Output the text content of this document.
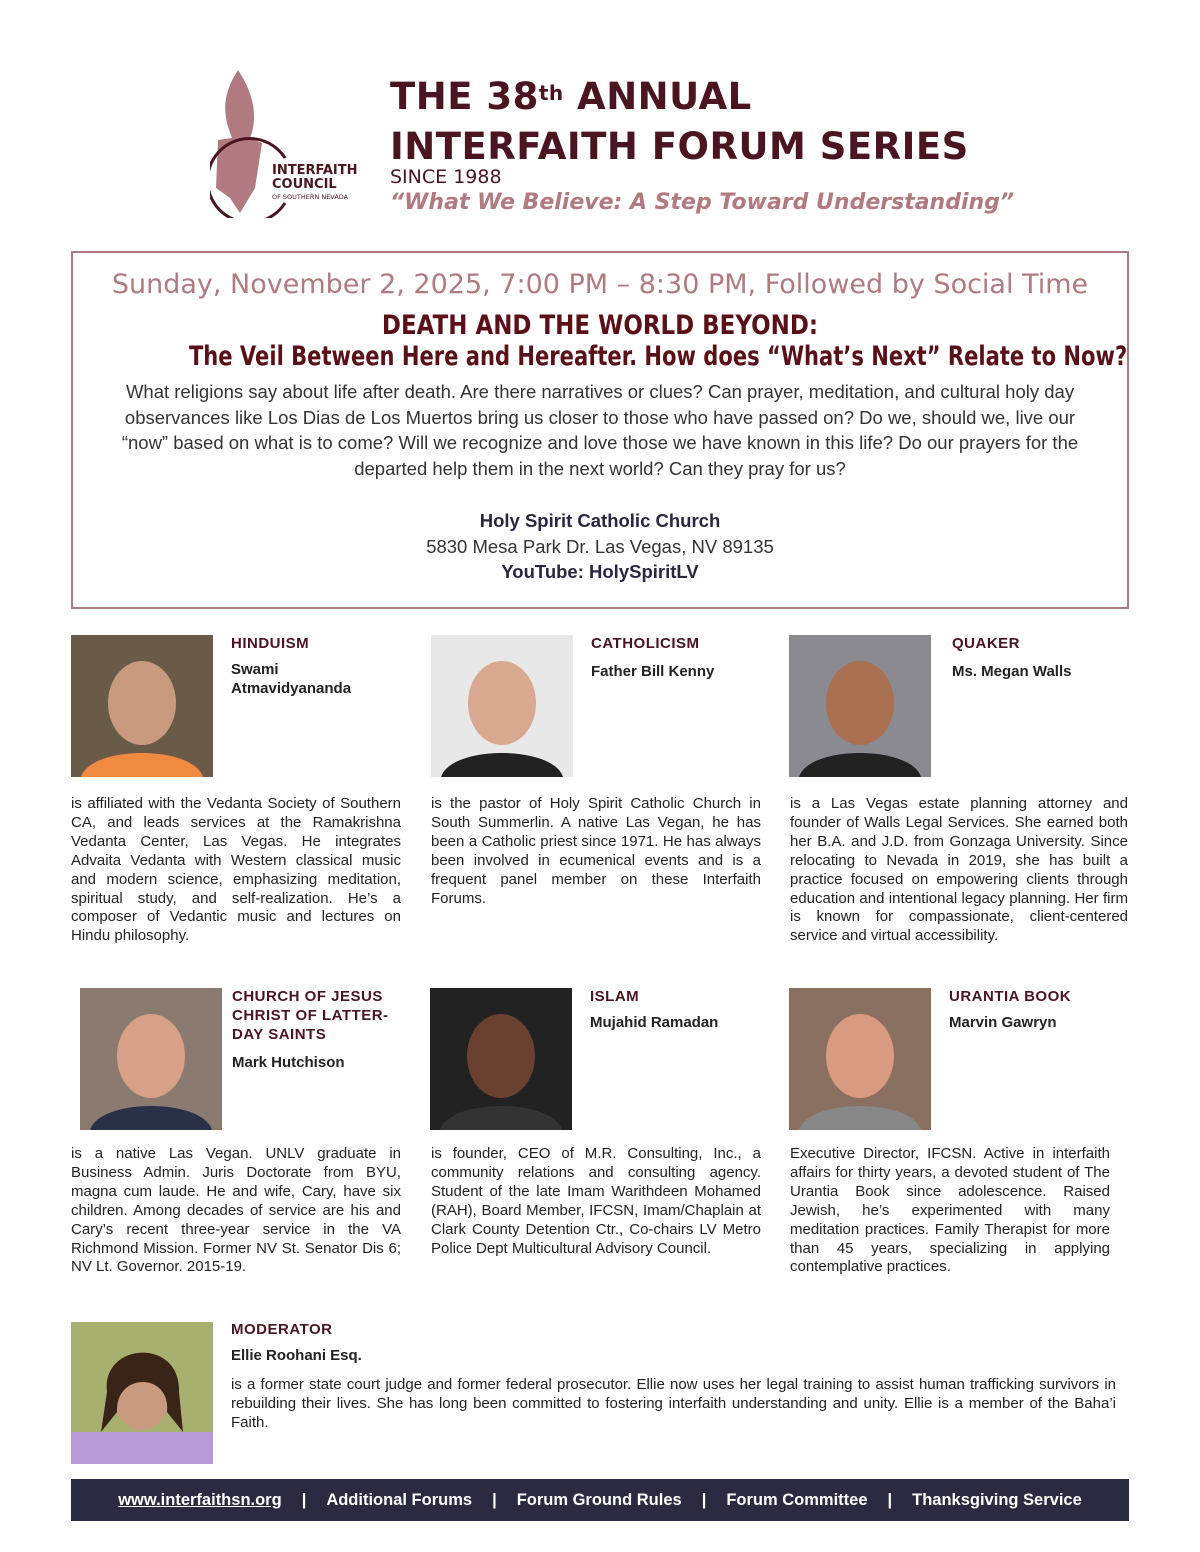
INTERFAITH
COUNCIL
OF SOUTHERN NEVADA
THE 38th ANNUAL
INTERFAITH FORUM SERIES
SINCE 1988
“What We Believe: A Step Toward Understanding”
Sunday, November 2, 2025, 7:00 PM – 8:30 PM, Followed by Social Time
DEATH AND THE WORLD BEYOND:
The Veil Between Here and Hereafter. How does “What’s Next” Relate to Now?
What religions say about life after death. Are there narratives or clues? Can prayer, meditation, and cultural holy day observances like Los Dias de Los Muertos bring us closer to those who have passed on? Do we, should we, live our “now” based on what is to come? Will we recognize and love those we have known in this life? Do our prayers for the departed help them in the next world? Can they pray for us?
Holy Spirit Catholic Church
5830 Mesa Park Dr. Las Vegas, NV 89135
YouTube: HolySpiritLV
HINDUISM
Swami Atmavidyananda
is affiliated with the Vedanta Society of Southern CA, and leads services at the Ramakrishna Vedanta Center, Las Vegas. He integrates Advaita Vedanta with Western classical music and modern science, emphasizing meditation, spiritual study, and self-realization. He’s a composer of Vedantic music and lectures on Hindu philosophy.
CATHOLICISM
Father Bill Kenny
is the pastor of Holy Spirit Catholic Church in South Summerlin. A native Las Vegan, he has been a Catholic priest since 1971. He has always been involved in ecumenical events and is a frequent panel member on these Interfaith Forums.
QUAKER
Ms. Megan Walls
is a Las Vegas estate planning attorney and founder of Walls Legal Services. She earned both her B.A. and J.D. from Gonzaga University. Since relocating to Nevada in 2019, she has built a practice focused on empowering clients through education and intentional legacy planning. Her firm is known for compassionate, client-centered service and virtual accessibility.
CHURCH OF JESUS CHRIST OF LATTER-DAY SAINTS
Mark Hutchison
is a native Las Vegan. UNLV graduate in Business Admin. Juris Doctorate from BYU, magna cum laude. He and wife, Cary, have six children. Among decades of service are his and Cary’s recent three-year service in the VA Richmond Mission. Former NV St. Senator Dis 6; NV Lt. Governor. 2015-19.
ISLAM
Mujahid Ramadan
is founder, CEO of M.R. Consulting, Inc., a community relations and consulting agency. Student of the late Imam Warithdeen Mohamed (RAH), Board Member, IFCSN, Imam/Chaplain at Clark County Detention Ctr., Co-chairs LV Metro Police Dept Multicultural Advisory Council.
URANTIA BOOK
Marvin Gawryn
Executive Director, IFCSN. Active in interfaith affairs for thirty years, a devoted student of The Urantia Book since adolescence. Raised Jewish, he’s experimented with many meditation practices. Family Therapist for more than 45 years, specializing in applying contemplative practices.
MODERATOR
Ellie Roohani Esq.
is a former state court judge and former federal prosecutor. Ellie now uses her legal training to assist human trafficking survivors in rebuilding their lives. She has long been committed to fostering interfaith understanding and unity. Ellie is a member of the Baha’i Faith.
www.interfaithsn.org | Additional Forums | Forum Ground Rules | Forum Committee | Thanksgiving Service
